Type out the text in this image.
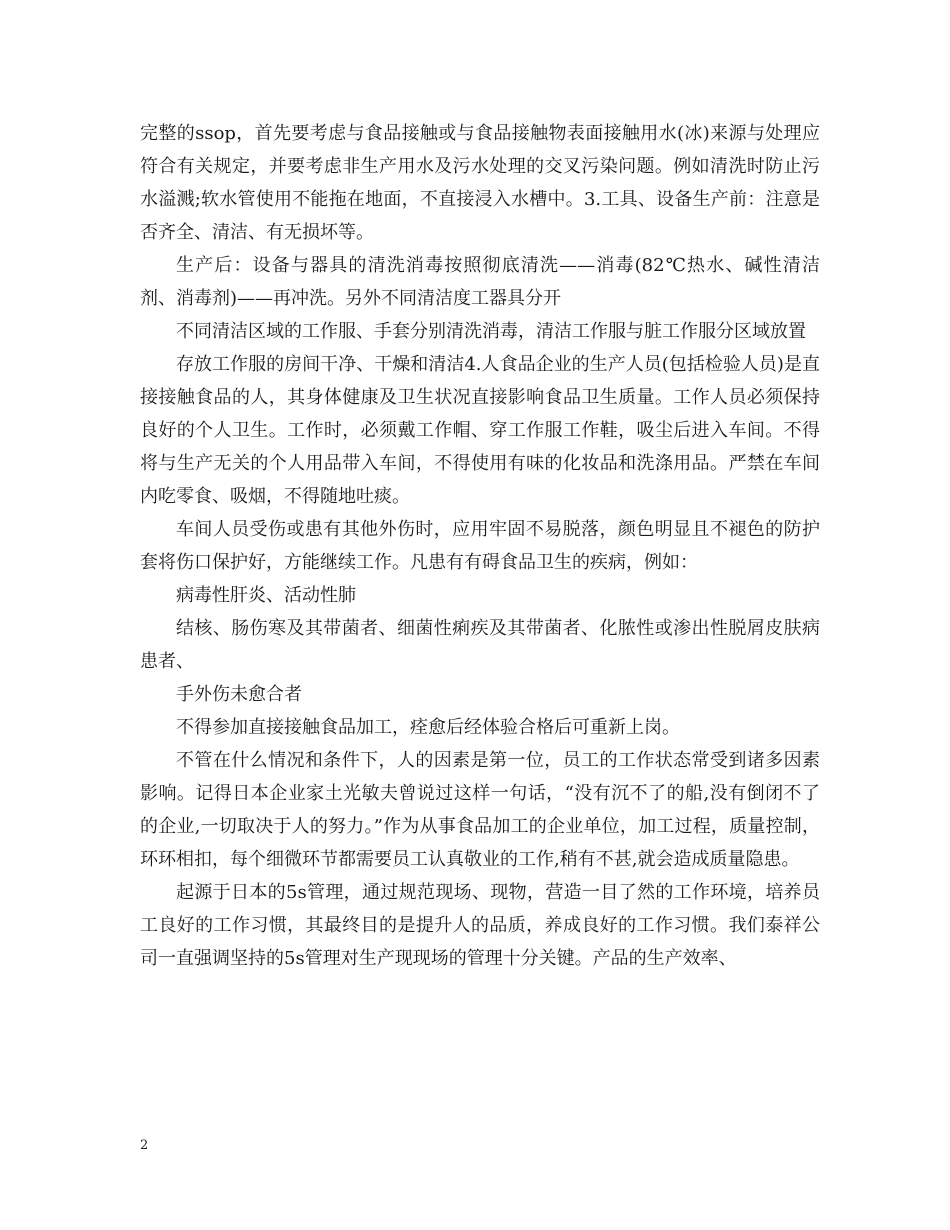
完整的ssop，首先要考虑与食品接触或与食品接触物表面接触用水(冰)来源与处理应符合有关规定，并要考虑非生产用水及污水处理的交叉污染问题。例如清洗时防止污水溢溅;软水管使用不能拖在地面，不直接浸入水槽中。3.工具、设备生产前：注意是否齐全、清洁、有无损坏等。

生产后：设备与器具的清洗消毒按照彻底清洗——消毒(82℃热水、碱性清洁剂、消毒剂)——再冲洗。另外不同清洁度工器具分开

不同清洁区域的工作服、手套分别清洗消毒，清洁工作服与脏工作服分区域放置

存放工作服的房间干净、干燥和清洁4.人食品企业的生产人员(包括检验人员)是直接接触食品的人，其身体健康及卫生状况直接影响食品卫生质量。工作人员必须保持良好的个人卫生。工作时，必须戴工作帽、穿工作服工作鞋，吸尘后进入车间。不得将与生产无关的个人用品带入车间，不得使用有味的化妆品和洗涤用品。严禁在车间内吃零食、吸烟，不得随地吐痰。

车间人员受伤或患有其他外伤时，应用牢固不易脱落，颜色明显且不褪色的防护套将伤口保护好，方能继续工作。凡患有有碍食品卫生的疾病，例如：

病毒性肝炎、活动性肺

结核、肠伤寒及其带菌者、细菌性痢疾及其带菌者、化脓性或渗出性脱屑皮肤病患者、

手外伤未愈合者

不得参加直接接触食品加工，痊愈后经体验合格后可重新上岗。

不管在什么情况和条件下，人的因素是第一位，员工的工作状态常受到诸多因素影响。记得日本企业家土光敏夫曾说过这样一句话，“没有沉不了的船,没有倒闭不了的企业,一切取决于人的努力。”作为从事食品加工的企业单位，加工过程，质量控制，环环相扣，每个细微环节都需要员工认真敬业的工作,稍有不甚,就会造成质量隐患。

起源于日本的5s管理，通过规范现场、现物，营造一目了然的工作环境，培养员工良好的工作习惯，其最终目的是提升人的品质，养成良好的工作习惯。我们泰祥公司一直强调坚持的5s管理对生产现现场的管理十分关键。产品的生产效率、

2
